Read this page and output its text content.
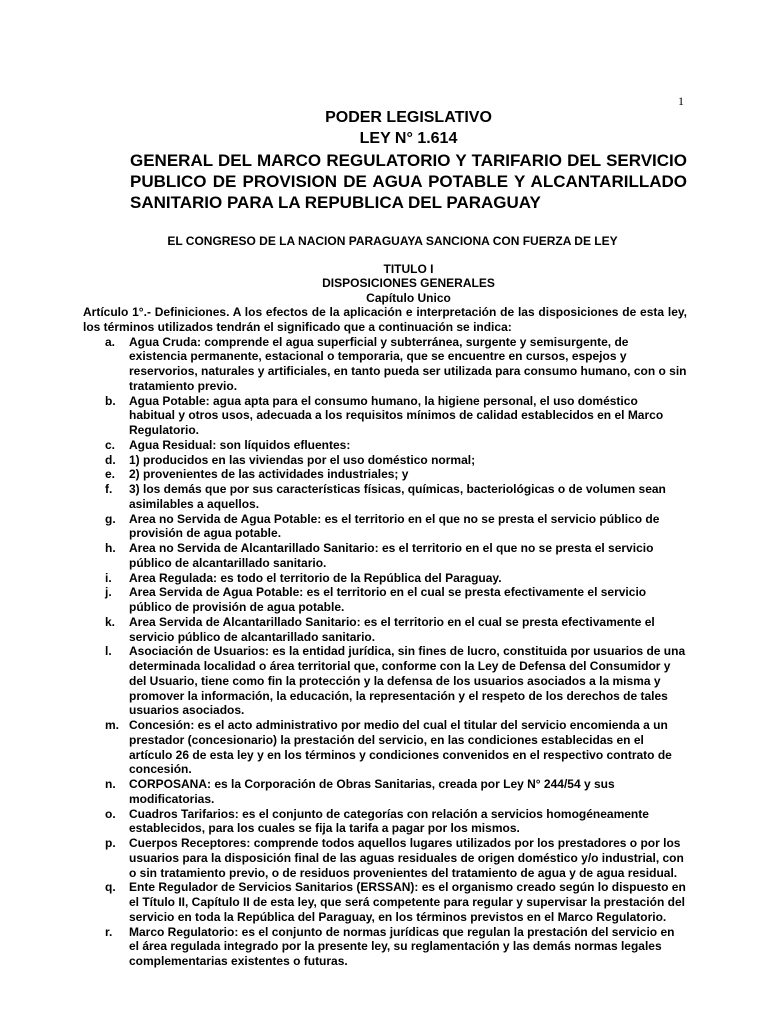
1
PODER LEGISLATIVO
LEY N° 1.614
GENERAL DEL MARCO REGULATORIO Y TARIFARIO DEL SERVICIO PUBLICO DE PROVISION DE AGUA POTABLE Y ALCANTARILLADO SANITARIO PARA LA REPUBLICA DEL PARAGUAY
EL CONGRESO DE LA NACION PARAGUAYA SANCIONA CON FUERZA DE LEY
TITULO I
DISPOSICIONES GENERALES
Capítulo Unico

Artículo 1°.- Definiciones. A los efectos de la aplicación e interpretación de las disposiciones de esta ley, los términos utilizados tendrán el significado que a continuación se indica:

a.	Agua Cruda: comprende el agua superficial y subterránea, surgente y semisurgente, de existencia permanente, estacional o temporaria, que se encuentre en cursos, espejos y reservorios, naturales y artificiales, en tanto pueda ser utilizada para consumo humano, con o sin tratamiento previo.
b.	Agua Potable: agua apta para el consumo humano, la higiene personal, el uso doméstico habitual y otros usos, adecuada a los requisitos mínimos de calidad establecidos en el Marco Regulatorio.
c.	Agua Residual: son líquidos efluentes:
d.	1) producidos en las viviendas por el uso doméstico normal;
e.	2) provenientes de las actividades industriales; y
f.	3) los demás que por sus características físicas, químicas, bacteriológicas o de volumen sean asimilables a aquellos.
g.	Area no Servida de Agua Potable: es el territorio en el que no se presta el servicio público de provisión de agua potable.
h.	Area no Servida de Alcantarillado Sanitario: es el territorio en el que no se presta el servicio público de alcantarillado sanitario.
i.	Area Regulada: es todo el territorio de la República del Paraguay.
j.	Area Servida de Agua Potable: es el territorio en el cual se presta efectivamente el servicio público de provisión de agua potable.
k.	Area Servida de Alcantarillado Sanitario: es el territorio en el cual se presta efectivamente el servicio público de alcantarillado sanitario.
l.	Asociación de Usuarios: es la entidad jurídica, sin fines de lucro, constituida por usuarios de una determinada localidad o área territorial que, conforme con la Ley de Defensa del Consumidor y del Usuario, tiene como fin la protección y la defensa de los usuarios asociados a la misma y promover la información, la educación, la representación y el respeto de los derechos de tales usuarios asociados.
m. Concesión: es el acto administrativo por medio del cual el titular del servicio encomienda a un prestador (concesionario) la prestación del servicio, en las condiciones establecidas en el artículo 26 de esta ley y en los términos y condiciones convenidos en el respectivo contrato de concesión.
n.	CORPOSANA: es la Corporación de Obras Sanitarias, creada por Ley N° 244/54 y sus modificatorias.
o.	Cuadros Tarifarios: es el conjunto de categorías con relación a servicios homogéneamente establecidos, para los cuales se fija la tarifa a pagar por los mismos.
p.	Cuerpos Receptores: comprende todos aquellos lugares utilizados por los prestadores o por los usuarios para la disposición final de las aguas residuales de origen doméstico y/o industrial, con o sin tratamiento previo, o de residuos provenientes del tratamiento de agua y de agua residual.
q.	Ente Regulador de Servicios Sanitarios (ERSSAN): es el organismo creado según lo dispuesto en el Título II, Capítulo II de esta ley, que será competente para regular y supervisar la prestación del servicio en toda la República del Paraguay, en los términos previstos en el Marco Regulatorio.
r.	Marco Regulatorio: es el conjunto de normas jurídicas que regulan la prestación del servicio en el área regulada integrado por la presente ley, su reglamentación y las demás normas legales complementarias existentes o futuras.
